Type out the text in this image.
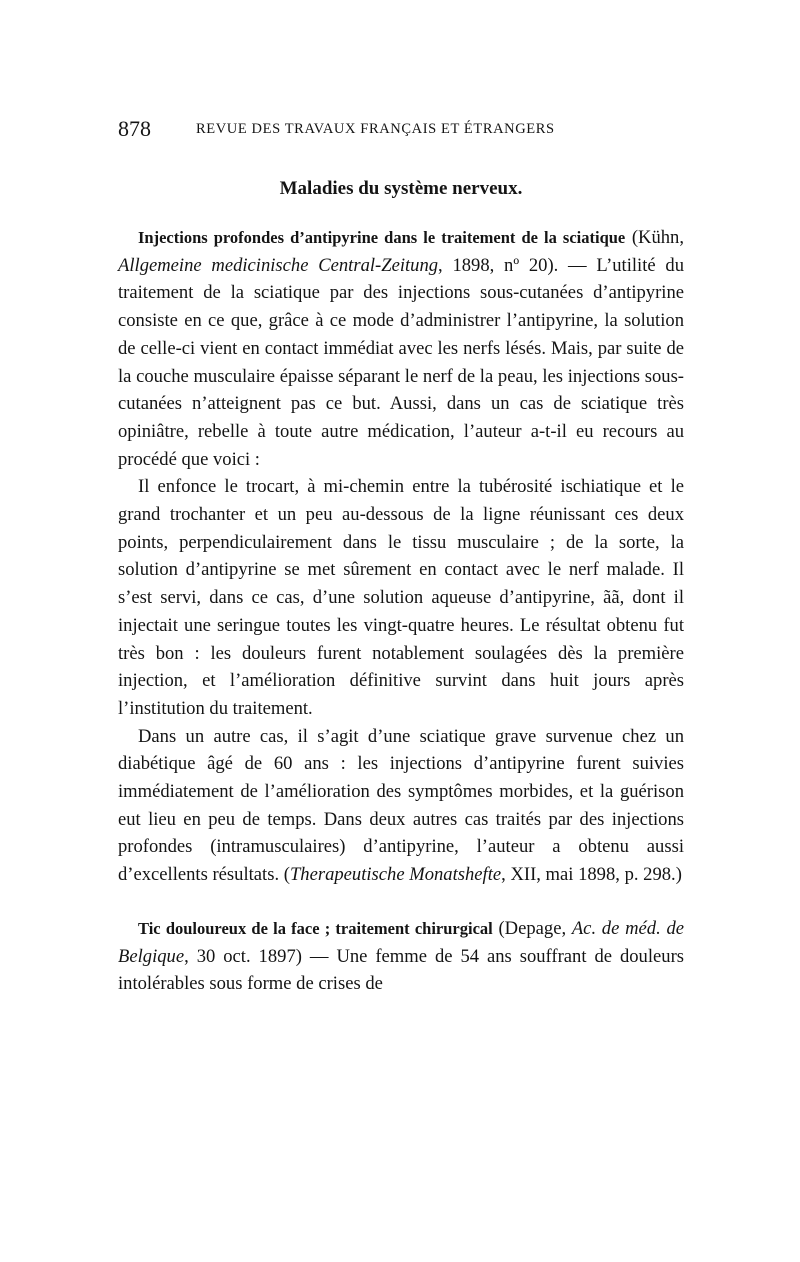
878	REVUE DES TRAVAUX FRANÇAIS ET ÉTRANGERS
Maladies du système nerveux.

Injections profondes d’antipyrine dans le traitement de la sciatique (Kühn, Allgemeine medicinische Central-Zeitung, 1898, nº 20). — L’utilité du traitement de la sciatique par des injections sous-cutanées d’antipyrine consiste en ce que, grâce à ce mode d’administrer l’antipyrine, la solution de celle-ci vient en contact immédiat avec les nerfs lésés. Mais, par suite de la couche musculaire épaisse séparant le nerf de la peau, les injections sous-cutanées n’atteignent pas ce but. Aussi, dans un cas de sciatique très opiniâtre, rebelle à toute autre médication, l’auteur a-t-il eu recours au procédé que voici :

Il enfonce le trocart, à mi-chemin entre la tubérosité ischiatique et le grand trochanter et un peu au-dessous de la ligne réunissant ces deux points, perpendiculairement dans le tissu musculaire ; de la sorte, la solution d’antipyrine se met sûrement en contact avec le nerf malade. Il s’est servi, dans ce cas, d’une solution aqueuse d’antipyrine, ãã, dont il injectait une seringue toutes les vingt-quatre heures. Le résultat obtenu fut très bon : les douleurs furent notablement soulagées dès la première injection, et l’amélioration définitive survint dans huit jours après l’institution du traitement.

Dans un autre cas, il s’agit d’une sciatique grave survenue chez un diabétique âgé de 60 ans : les injections d’antipyrine furent suivies immédiatement de l’amélioration des symptômes morbides, et la guérison eut lieu en peu de temps. Dans deux autres cas traités par des injections profondes (intramusculaires) d’antipyrine, l’auteur a obtenu aussi d’excellents résultats. (Therapeutische Monatshefte, XII, mai 1898, p. 298.)

Tic douloureux de la face ; traitement chirurgical (Depage, Ac. de méd. de Belgique, 30 oct. 1897) — Une femme de 54 ans souffrant de douleurs intolérables sous forme de crises de
